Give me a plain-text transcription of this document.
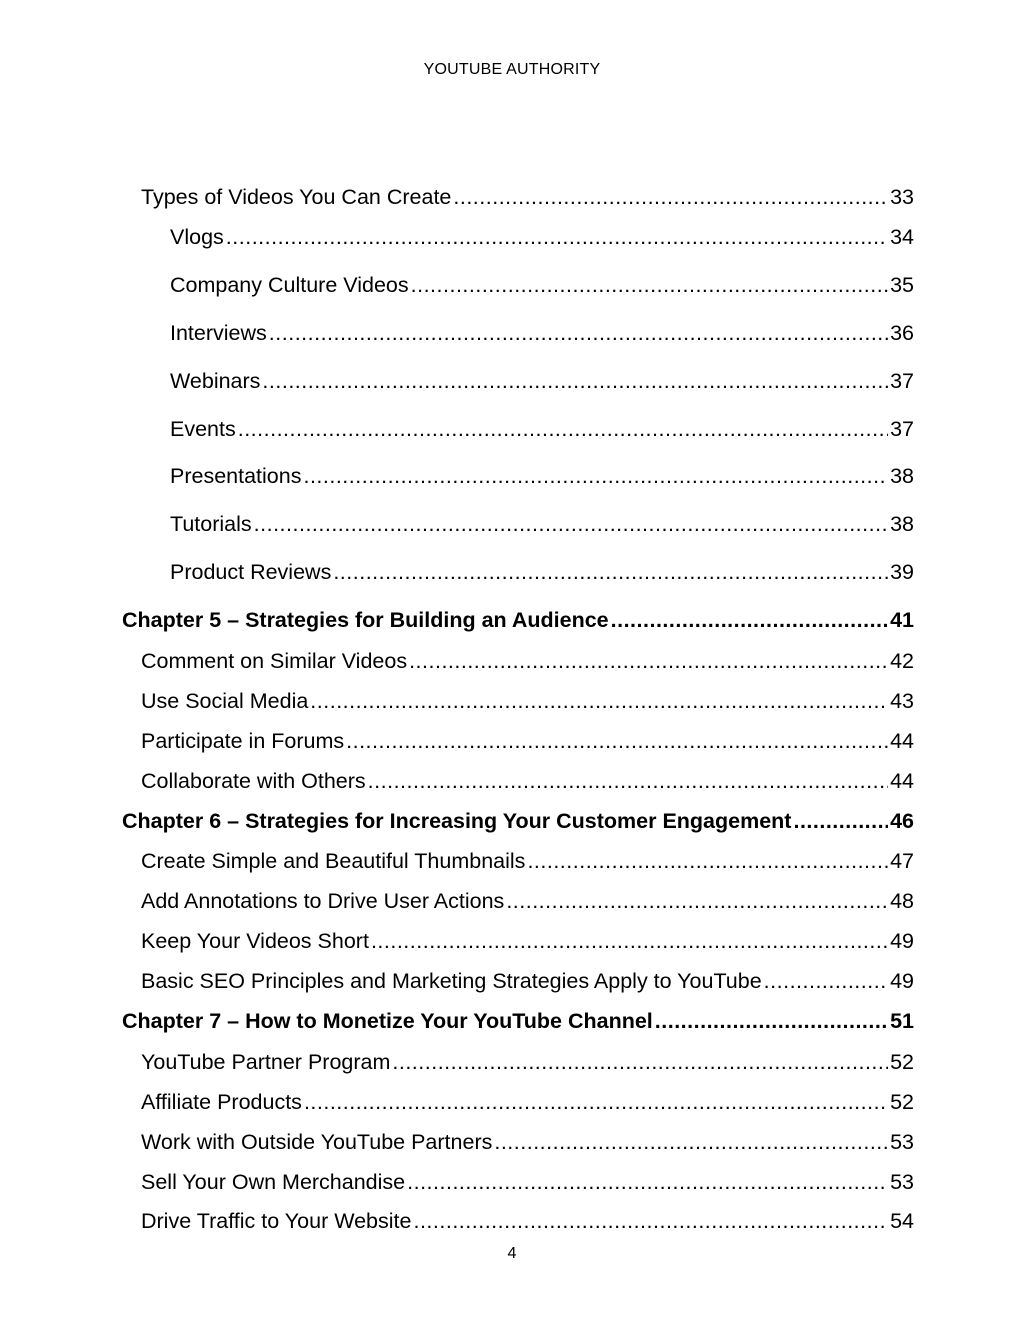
YOUTUBE AUTHORITY
Types of Videos You Can Create .....	33
Vlogs .....	34
Company Culture Videos .....	35
Interviews .....	36
Webinars .....	37
Events .....	37
Presentations .....	38
Tutorials .....	38
Product Reviews .....	39
Chapter 5 – Strategies for Building an Audience .....	41
Comment on Similar Videos .....	42
Use Social Media .....	43
Participate in Forums .....	44
Collaborate with Others .....	44
Chapter 6 – Strategies for Increasing Your Customer Engagement .....	46
Create Simple and Beautiful Thumbnails .....	47
Add Annotations to Drive User Actions .....	48
Keep Your Videos Short .....	49
Basic SEO Principles and Marketing Strategies Apply to YouTube .....	49
Chapter 7 – How to Monetize Your YouTube Channel .....	51
YouTube Partner Program .....	52
Affiliate Products .....	52
Work with Outside YouTube Partners .....	53
Sell Your Own Merchandise .....	53
Drive Traffic to Your Website .....	54
4
